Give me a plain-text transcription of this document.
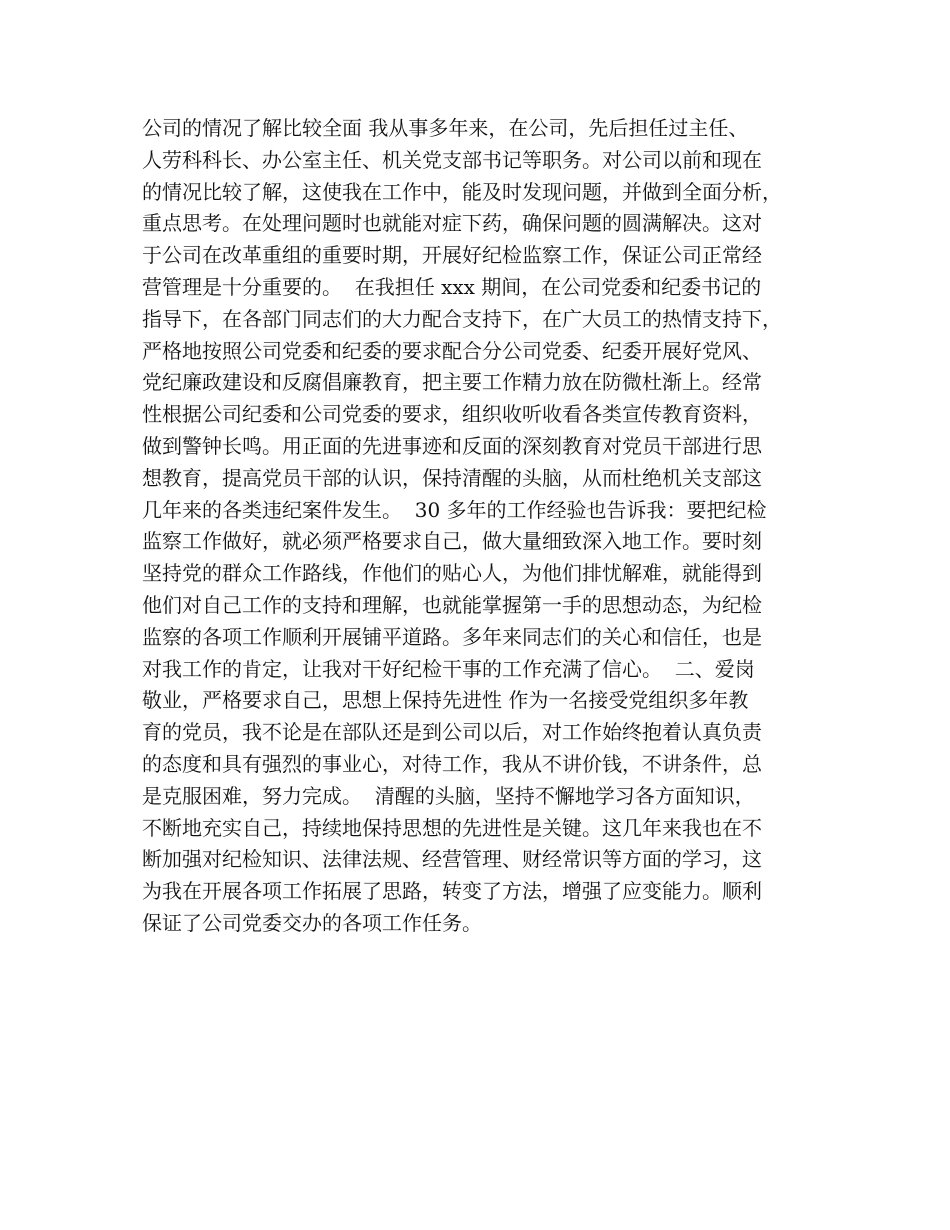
公司的情况了解比较全面 我从事多年来，在公司，先后担任过主任、
人劳科科长、办公室主任、机关党支部书记等职务。对公司以前和现在
的情况比较了解，这使我在工作中，能及时发现问题，并做到全面分析，
重点思考。在处理问题时也就能对症下药，确保问题的圆满解决。这对
于公司在改革重组的重要时期，开展好纪检监察工作，保证公司正常经
营管理是十分重要的。  在我担任 xxx 期间，在公司党委和纪委书记的
指导下，在各部门同志们的大力配合支持下，在广大员工的热情支持下，
严格地按照公司党委和纪委的要求配合分公司党委、纪委开展好党风、
党纪廉政建设和反腐倡廉教育，把主要工作精力放在防微杜渐上。经常
性根据公司纪委和公司党委的要求，组织收听收看各类宣传教育资料，
做到警钟长鸣。用正面的先进事迹和反面的深刻教育对党员干部进行思
想教育，提高党员干部的认识，保持清醒的头脑，从而杜绝机关支部这
几年来的各类违纪案件发生。  30 多年的工作经验也告诉我：要把纪检
监察工作做好，就必须严格要求自己，做大量细致深入地工作。要时刻
坚持党的群众工作路线，作他们的贴心人，为他们排忧解难，就能得到
他们对自己工作的支持和理解，也就能掌握第一手的思想动态，为纪检
监察的各项工作顺利开展铺平道路。多年来同志们的关心和信任，也是
对我工作的肯定，让我对干好纪检干事的工作充满了信心。  二、爱岗
敬业，严格要求自己，思想上保持先进性 作为一名接受党组织多年教
育的党员，我不论是在部队还是到公司以后，对工作始终抱着认真负责
的态度和具有强烈的事业心，对待工作，我从不讲价钱，不讲条件，总
是克服困难，努力完成。  清醒的头脑，坚持不懈地学习各方面知识，
不断地充实自己，持续地保持思想的先进性是关键。这几年来我也在不
断加强对纪检知识、法律法规、经营管理、财经常识等方面的学习，这
为我在开展各项工作拓展了思路，转变了方法，增强了应变能力。顺利
保证了公司党委交办的各项工作任务。
